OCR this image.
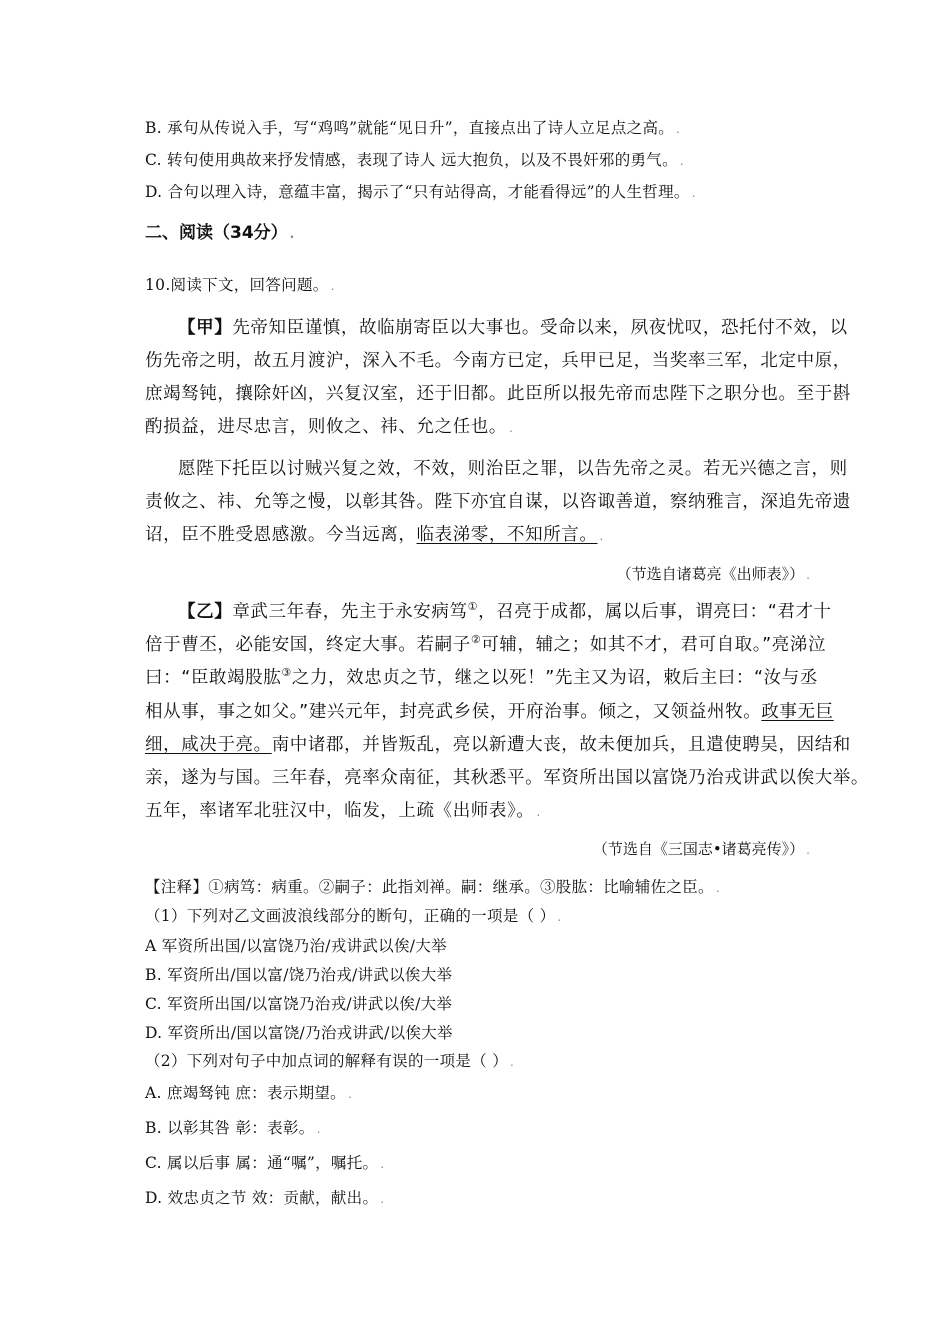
B. 承句从传说入手，写“鸡鸣”就能“见日升”，直接点出了诗人立足点之高。 .
C. 转句使用典故来抒发情感，表现了诗人 远大抱负，以及不畏奸邪的勇气。 .
D. 合句以理入诗，意蕴丰富，揭示了“只有站得高，才能看得远”的人生哲理。 .
二、阅读（34分） .
10.阅读下文，回答问题。 .
【甲】先帝知臣谨慎，故临崩寄臣以大事也。受命以来，夙夜忧叹，恐托付不效，以
伤先帝之明，故五月渡沪，深入不毛。今南方已定，兵甲已足，当奖率三军，北定中原，
庶竭驽钝，攘除奸凶，兴复汉室，还于旧都。此臣所以报先帝而忠陛下之职分也。至于斟
酌损益，进尽忠言，则攸之、祎、允之任也。 .
愿陛下托臣以讨贼兴复之效，不效，则治臣之罪，以告先帝之灵。若无兴德之言，则
责攸之、祎、允等之慢，以彰其咎。陛下亦宜自谋，以咨诹善道，察纳雅言，深追先帝遗
诏，臣不胜受恩感激。今当远离，临表涕零，不知所言。 .
（节选自诸葛亮《出师表》） .
【乙】章武三年春，先主于永安病笃①，召亮于成都，属以后事，谓亮曰：“君才十
倍于曹丕，必能安国，终定大事。若嗣子②可辅，辅之；如其不才，君可自取。”亮涕泣
曰：“臣敢竭股肱③之力，效忠贞之节，继之以死！”先主又为诏，敕后主曰：“汝与丞
相从事，事之如父。”建兴元年，封亮武乡侯，开府治事。倾之，又领益州牧。政事无巨
细，咸决于亮。南中诸郡，并皆叛乱，亮以新遭大丧，故未便加兵，且遣使聘吴，因结和
亲，遂为与国。三年春，亮率众南征，其秋悉平。军资所出国以富饶乃治戎讲武以俟大举。
五年，率诸军北驻汉中，临发，上疏《出师表》。 .
（节选自《三国志•诸葛亮传》） .
【注释】①病笃：病重。②嗣子：此指刘禅。嗣：继承。③股肱：比喻辅佐之臣。 .
（1）下列对乙文画波浪线部分的断句，正确的一项是（ ） .
A 军资所出国/以富饶乃治/戎讲武以俟/大举
B. 军资所出/国以富/饶乃治戎/讲武以俟大举
C. 军资所出国/以富饶乃治戎/讲武以俟/大举
D. 军资所出/国以富饶/乃治戎讲武/以俟大举
（2）下列对句子中加点词的解释有误的一项是（ ） .
A. 庶竭驽钝 庶：表示期望。 .
B. 以彰其咎 彰：表彰。 .
C. 属以后事 属：通“嘱”，嘱托。 .
D. 效忠贞之节 效：贡献，献出。 .
